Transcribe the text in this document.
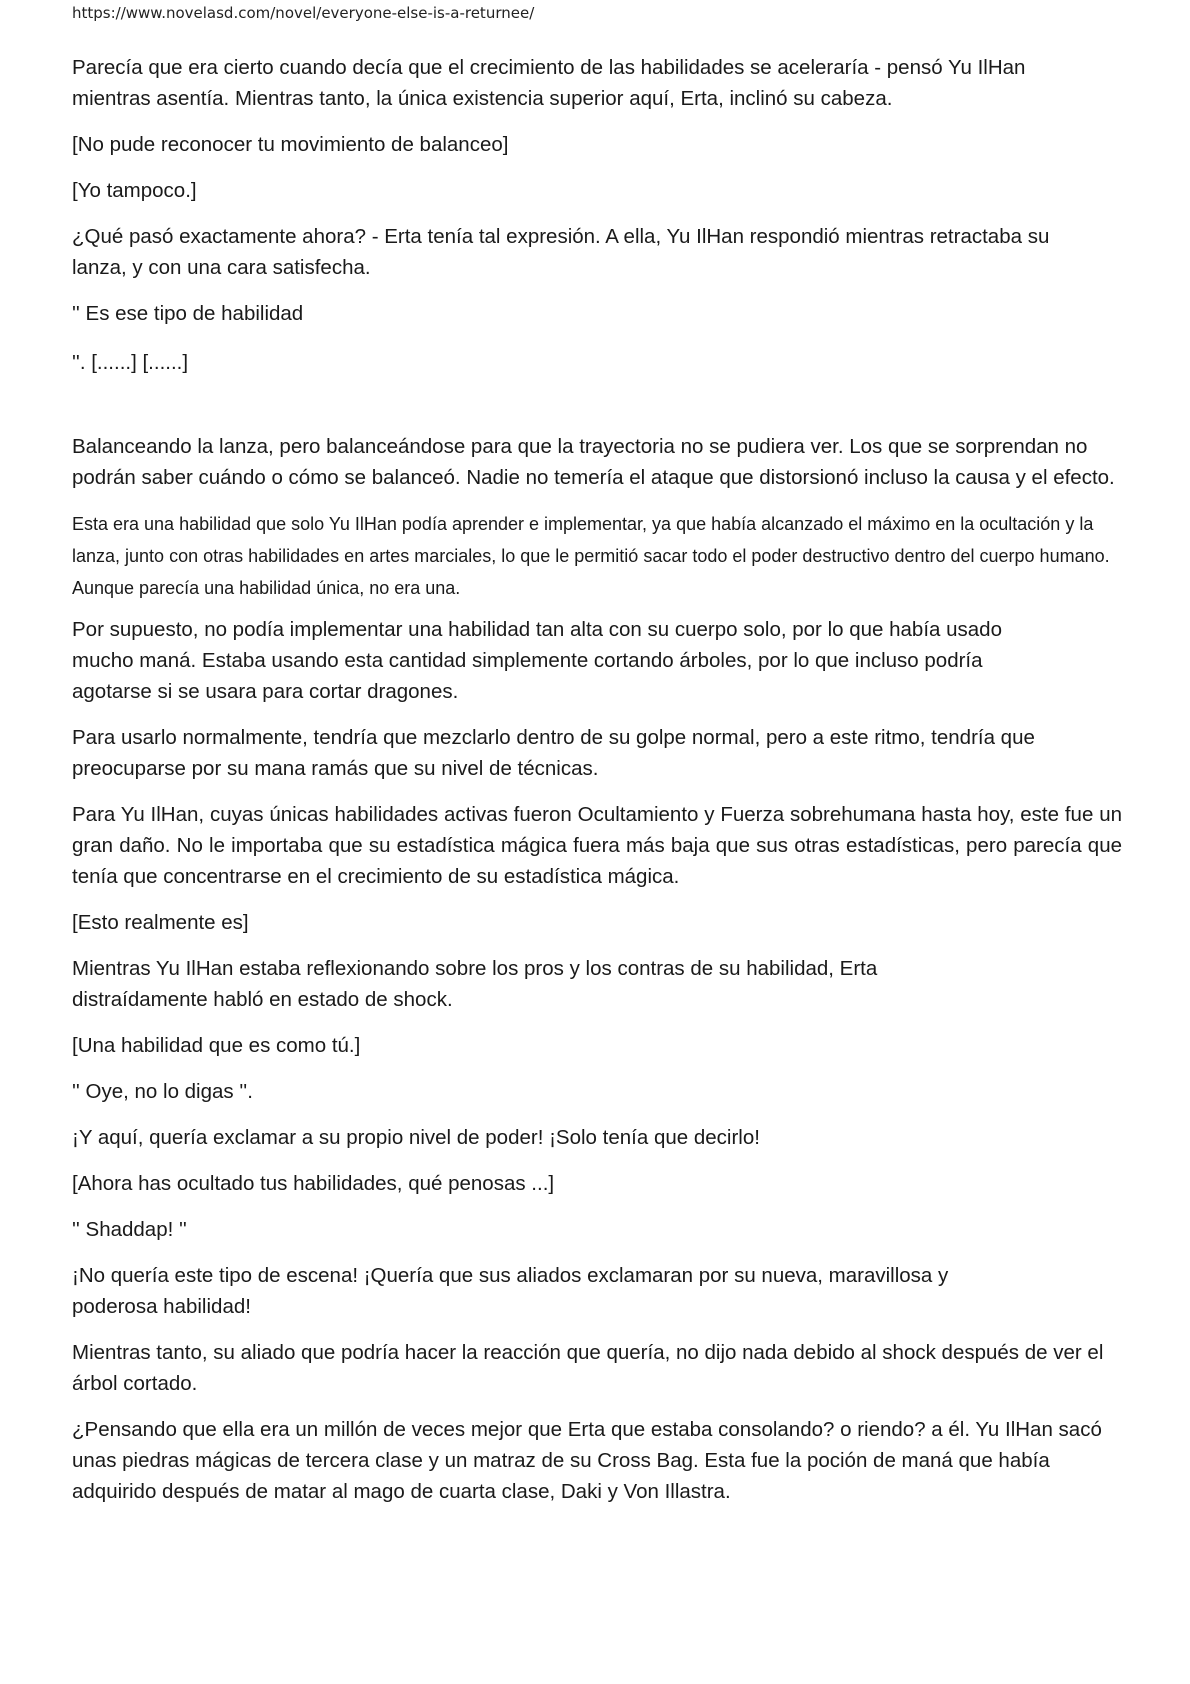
https://www.novelasd.com/novel/everyone-else-is-a-returnee/

Parecía que era cierto cuando decía que el crecimiento de las habilidades se aceleraría - pensó Yu IlHan mientras asentía. Mientras tanto, la única existencia superior aquí, Erta, inclinó su cabeza.

[No pude reconocer tu movimiento de balanceo]

[Yo tampoco.]

¿Qué pasó exactamente ahora? - Erta tenía tal expresión. A ella, Yu IlHan respondió mientras retractaba su lanza, y con una cara satisfecha.

'' Es ese tipo de habilidad

''. [......] [......]

Balanceando la lanza, pero balanceándose para que la trayectoria no se pudiera ver. Los que se sorprendan no podrán saber cuándo o cómo se balanceó. Nadie no temería el ataque que distorsionó incluso la causa y el efecto.

Esta era una habilidad que solo Yu IlHan podía aprender e implementar, ya que había alcanzado el máximo en la ocultación y la lanza, junto con otras habilidades en artes marciales, lo que le permitió sacar todo el poder destructivo dentro del cuerpo humano. Aunque parecía una habilidad única, no era una.

Por supuesto, no podía implementar una habilidad tan alta con su cuerpo solo, por lo que había usado mucho maná. Estaba usando esta cantidad simplemente cortando árboles, por lo que incluso podría agotarse si se usara para cortar dragones.

Para usarlo normalmente, tendría que mezclarlo dentro de su golpe normal, pero a este ritmo, tendría que preocuparse por su mana ramás que su nivel de técnicas.

Para Yu IlHan, cuyas únicas habilidades activas fueron Ocultamiento y Fuerza sobrehumana hasta hoy, este fue un gran daño. No le importaba que su estadística mágica fuera más baja que sus otras estadísticas, pero parecía que tenía que concentrarse en el crecimiento de su estadística mágica.

[Esto realmente es]

Mientras Yu IlHan estaba reflexionando sobre los pros y los contras de su habilidad, Erta distraídamente habló en estado de shock.

[Una habilidad que es como tú.]

'' Oye, no lo digas ''.

¡Y aquí, quería exclamar a su propio nivel de poder! ¡Solo tenía que decirlo!

[Ahora has ocultado tus habilidades, qué penosas ...]

'' Shaddap! ''

¡No quería este tipo de escena! ¡Quería que sus aliados exclamaran por su nueva, maravillosa y poderosa habilidad!

Mientras tanto, su aliado que podría hacer la reacción que quería, no dijo nada debido al shock después de ver el árbol cortado.

¿Pensando que ella era un millón de veces mejor que Erta que estaba consolando? o riendo? a él. Yu IlHan sacó unas piedras mágicas de tercera clase y un matraz de su Cross Bag. Esta fue la poción de maná que había adquirido después de matar al mago de cuarta clase, Daki y Von Illastra.
